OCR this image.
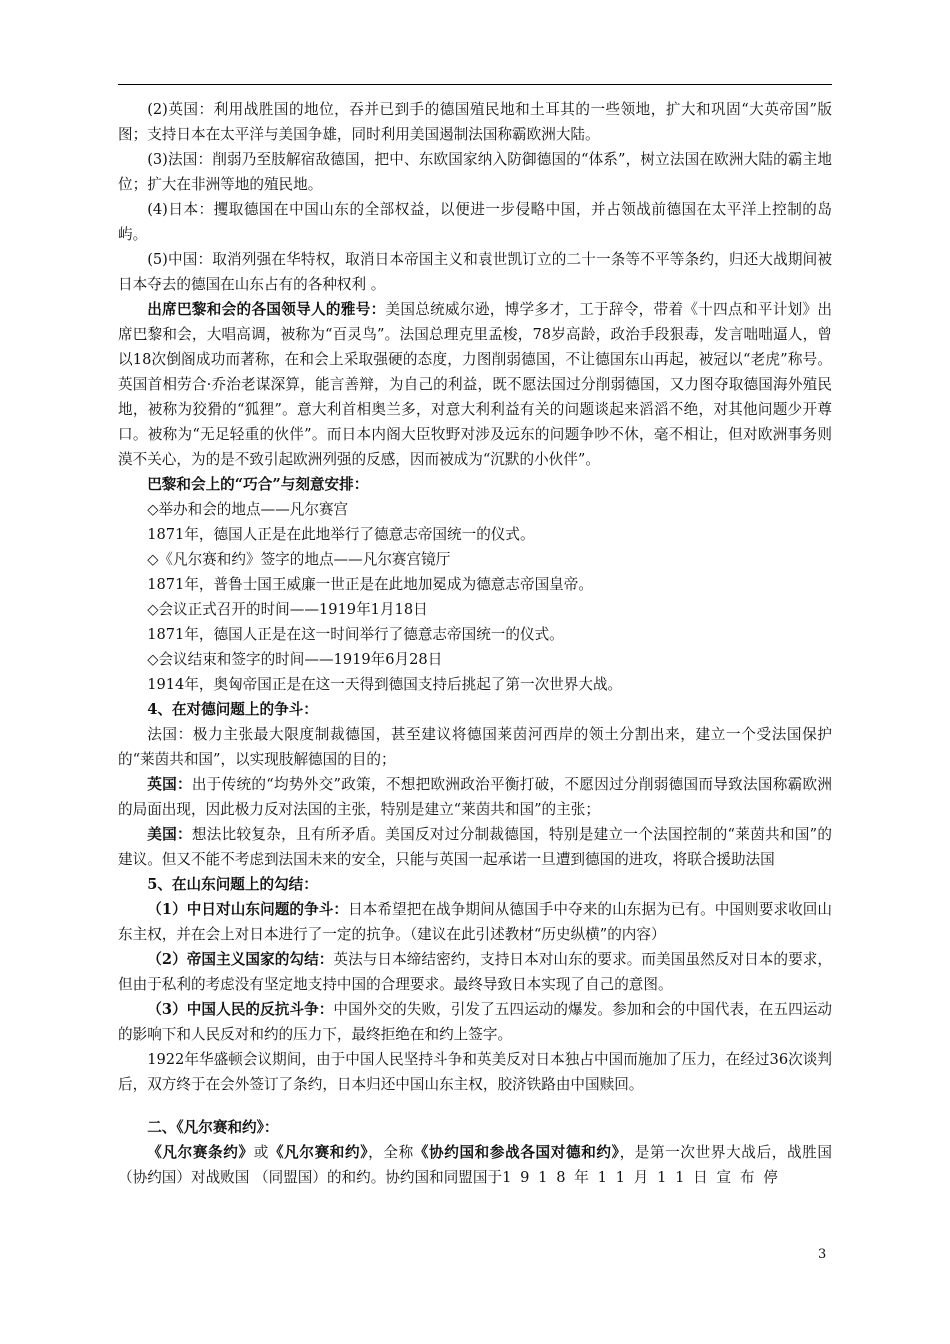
(2)英国：利用战胜国的地位，吞并已到手的德国殖民地和土耳其的一些领地，扩大和巩固“大英帝国”版图；支持日本在太平洋与美国争雄，同时利用美国遏制法国称霸欧洲大陆。

(3)法国：削弱乃至肢解宿敌德国，把中、东欧国家纳入防御德国的“体系”，树立法国在欧洲大陆的霸主地位；扩大在非洲等地的殖民地。

(4)日本：攫取德国在中国山东的全部权益，以便进一步侵略中国，并占领战前德国在太平洋上控制的岛屿。

(5)中国：取消列强在华特权，取消日本帝国主义和袁世凯订立的二十一条等不平等条约，归还大战期间被日本夺去的德国在山东占有的各种权利 。

出席巴黎和会的各国领导人的雅号：美国总统威尔逊，博学多才，工于辞令，带着《十四点和平计划》出席巴黎和会，大唱高调，被称为“百灵鸟”。法国总理克里孟梭，78岁高龄，政治手段狠毒，发言咄咄逼人，曾以18次倒阁成功而著称，在和会上采取强硬的态度，力图削弱德国，不让德国东山再起，被冠以“老虎”称号。英国首相劳合·乔治老谋深算，能言善辩，为自己的利益，既不愿法国过分削弱德国，又力图夺取德国海外殖民地，被称为狡猾的“狐狸”。意大利首相奥兰多，对意大利利益有关的问题谈起来滔滔不绝，对其他问题少开尊口。被称为“无足轻重的伙伴”。而日本内阁大臣牧野对涉及远东的问题争吵不休，毫不相让，但对欧洲事务则漠不关心，为的是不致引起欧洲列强的反感，因而被成为“沉默的小伙伴”。

巴黎和会上的“巧合”与刻意安排：

◇举办和会的地点——凡尔赛宫

1871年，德国人正是在此地举行了德意志帝国统一的仪式。

◇《凡尔赛和约》签字的地点——凡尔赛宫镜厅

1871年，普鲁士国王威廉一世正是在此地加冕成为德意志帝国皇帝。

◇会议正式召开的时间——1919年1月18日

1871年，德国人正是在这一时间举行了德意志帝国统一的仪式。

◇会议结束和签字的时间——1919年6月28日

1914年，奥匈帝国正是在这一天得到德国支持后挑起了第一次世界大战。

4、在对德问题上的争斗：

法国：极力主张最大限度制裁德国，甚至建议将德国莱茵河西岸的领土分割出来，建立一个受法国保护的“莱茵共和国”，以实现肢解德国的目的；

英国：出于传统的“均势外交”政策，不想把欧洲政治平衡打破，不愿因过分削弱德国而导致法国称霸欧洲的局面出现，因此极力反对法国的主张，特别是建立“莱茵共和国”的主张；

美国：想法比较复杂，且有所矛盾。美国反对过分制裁德国，特别是建立一个法国控制的“莱茵共和国”的建议。但又不能不考虑到法国未来的安全，只能与英国一起承诺一旦遭到德国的进攻，将联合援助法国

5、在山东问题上的勾结：

（1）中日对山东问题的争斗：日本希望把在战争期间从德国手中夺来的山东据为已有。中国则要求收回山东主权，并在会上对日本进行了一定的抗争。（建议在此引述教材“历史纵横”的内容）

（2）帝国主义国家的勾结：英法与日本缔结密约，支持日本对山东的要求。而美国虽然反对日本的要求，但由于私利的考虑没有坚定地支持中国的合理要求。最终导致日本实现了自己的意图。

（3）中国人民的反抗斗争：中国外交的失败，引发了五四运动的爆发。参加和会的中国代表，在五四运动的影响下和人民反对和约的压力下，最终拒绝在和约上签字。

1922年华盛顿会议期间，由于中国人民坚持斗争和英美反对日本独占中国而施加了压力，在经过36次谈判后，双方终于在会外签订了条约，日本归还中国山东主权，胶济铁路由中国赎回。

二、《凡尔赛和约》：

《凡尔赛条约》或《凡尔赛和约》，全称《协约国和参战各国对德和约》，是第一次世界大战后，战胜国 （协约国）对战败国 （同盟国）的和约。协约国和同盟国于1918年11月11日宣布停

3
